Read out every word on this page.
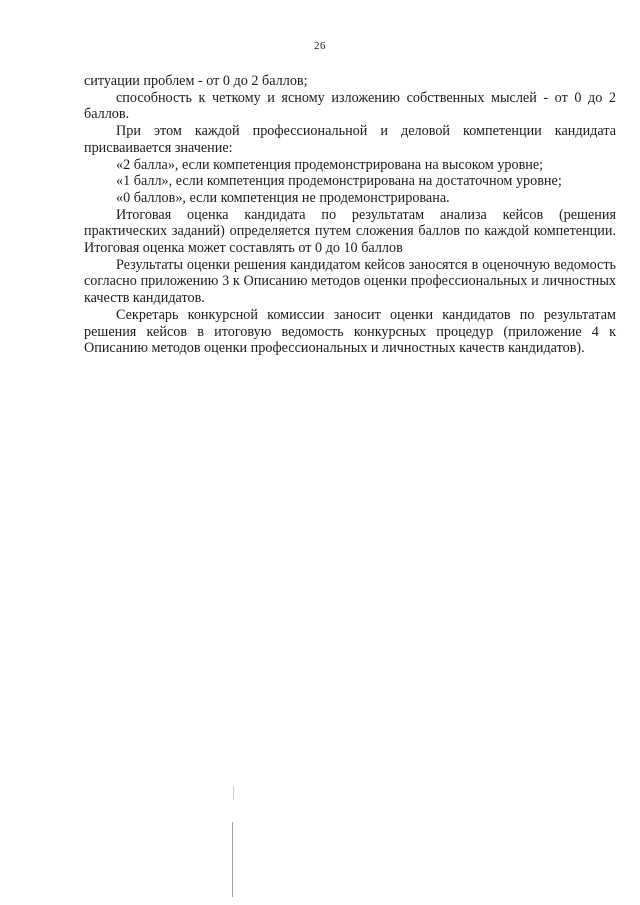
26

ситуации проблем - от 0 до 2 баллов;

способность к четкому и ясному изложению собственных мыслей - от 0 до 2 баллов.

При этом каждой профессиональной и деловой компетенции кандидата присваивается значение:

«2 балла», если компетенция продемонстрирована на высоком уровне;

«1 балл», если компетенция продемонстрирована на достаточном уровне;

«0 баллов», если компетенция не продемонстрирована.

Итоговая оценка кандидата по результатам анализа кейсов (решения практических заданий) определяется путем сложения баллов по каждой компетенции. Итоговая оценка может составлять от 0 до 10 баллов

Результаты оценки решения кандидатом кейсов заносятся в оценочную ведомость согласно приложению 3 к Описанию методов оценки профессиональных и личностных качеств кандидатов.

Секретарь конкурсной комиссии заносит оценки кандидатов по результатам решения кейсов в итоговую ведомость конкурсных процедур (приложение 4 к Описанию методов оценки профессиональных и личностных качеств кандидатов).
